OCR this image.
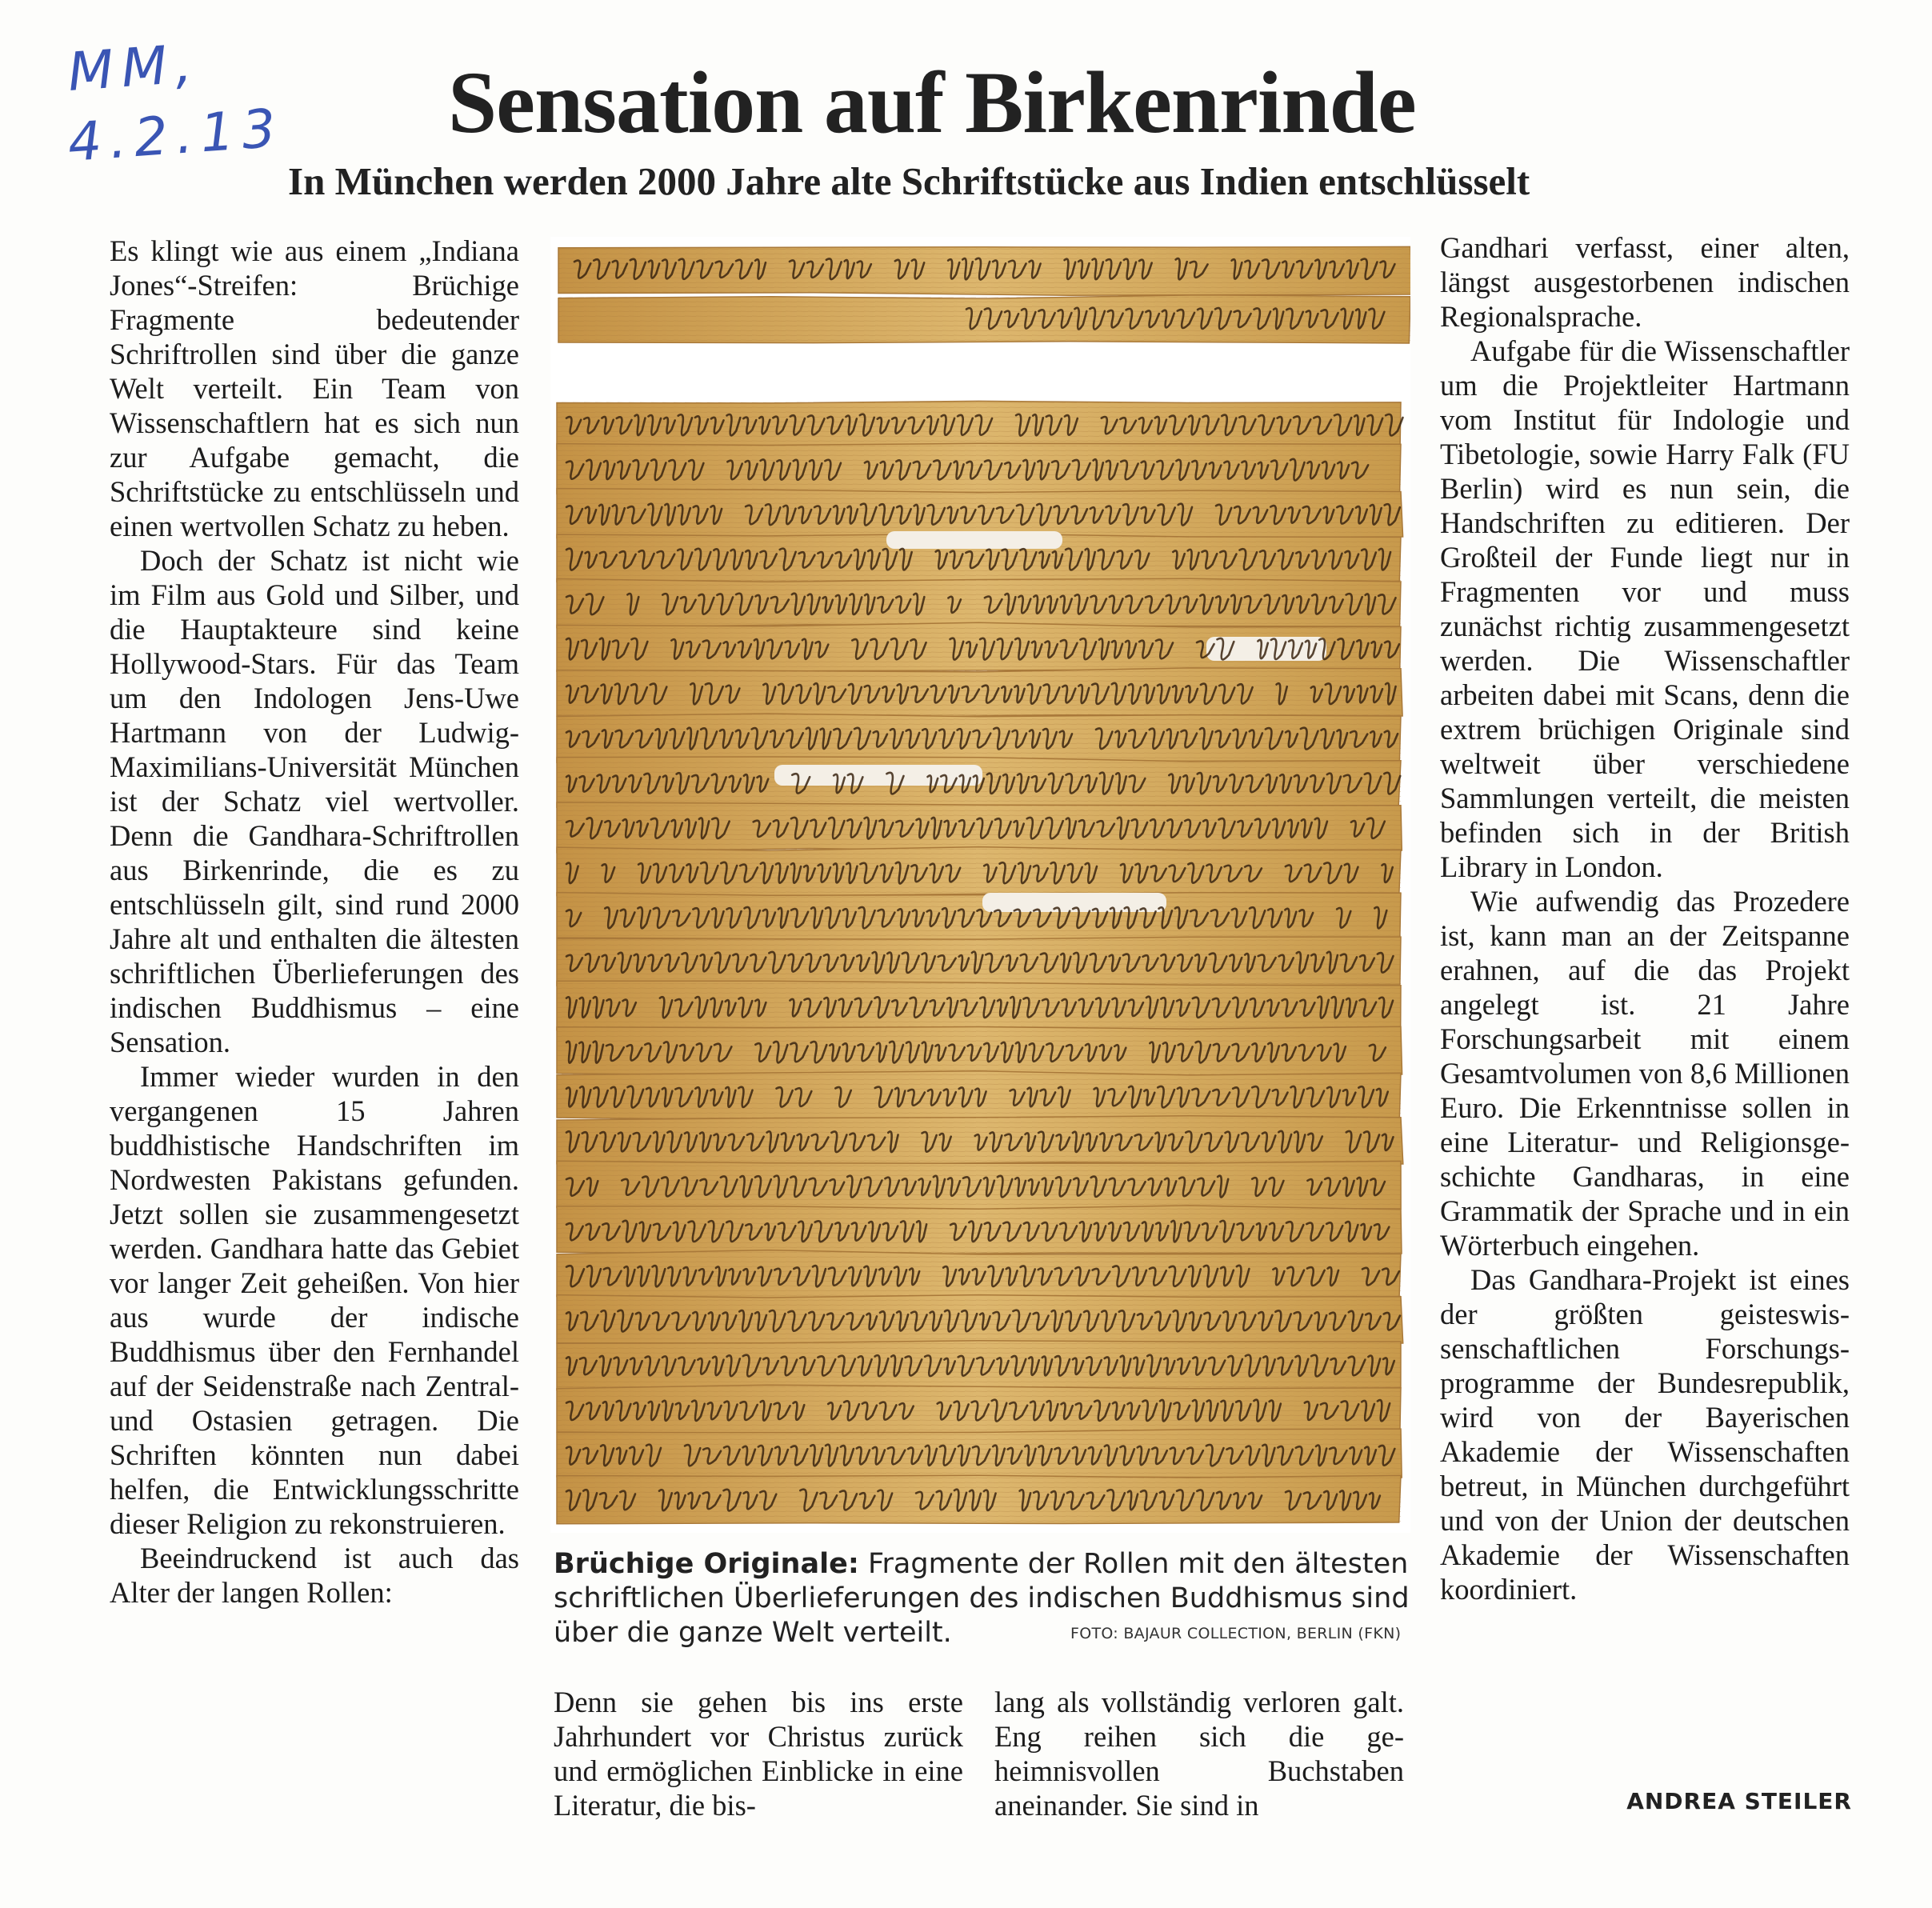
MM,
4.2.13 Sensation auf Birkenrinde
In München werden 2000 Jahre alte Schriftstücke aus Indien entschlüsselt

Es klingt wie aus einem „Indiana Jones“-Streifen: Brüchige Fragmente bedeutender Schriftrollen sind über die ganze Welt verteilt. Ein Team von Wissenschaftlern hat es sich nun zur Aufgabe gemacht, die Schriftstücke zu entschlüsseln und einen wertvollen Schatz zu heben.

Doch der Schatz ist nicht wie im Film aus Gold und Silber, und die Hauptakteure sind keine Hollywood-Stars. Für das Team um den Indologen Jens-Uwe Hartmann von der Ludwig-Maximilians-Universität München ist der Schatz viel wertvoller. Denn die Gandhara-Schriftrollen aus Birkenrinde, die es zu entschlüsseln gilt, sind rund 2000 Jahre alt und enthalten die ältesten schriftlichen Überlieferungen des indischen Buddhismus – eine Sensation.

Immer wieder wurden in den vergangenen 15 Jahren buddhistische Handschriften im Nordwesten Pakistans gefunden. Jetzt sollen sie zusammengesetzt werden. Gandhara hatte das Gebiet vor langer Zeit geheißen. Von hier aus wurde der indische Buddhismus über den Fernhandel auf der Seidenstraße nach Zentral- und Ostasien getragen. Die Schriften könnten nun dabei helfen, die Entwicklungsschritte dieser Religion zu rekonstruieren.

Beeindruckend ist auch das Alter der langen Rollen:

Brüchige Originale: Fragmente der Rollen mit den ältesten schriftlichen Überlieferungen des indischen Buddhismus sind über die ganze Welt verteilt.	FOTO: BAJAUR COLLECTION, BERLIN (FKN)

Denn sie gehen bis ins erste Jahrhundert vor Christus zurück und ermöglichen Einblicke in eine Literatur, die bis-

lang als vollständig verloren galt. Eng reihen sich die geheimnisvollen Buchstaben aneinander. Sie sind in

Gandhari verfasst, einer alten, längst ausgestorbenen indischen Regionalsprache.

Aufgabe für die Wissenschaftler um die Projektleiter Hartmann vom Institut für Indologie und Tibetologie, sowie Harry Falk (FU Berlin) wird es nun sein, die Handschriften zu editieren. Der Großteil der Funde liegt nur in Fragmenten vor und muss zunächst richtig zusammengesetzt werden. Die Wissenschaftler arbeiten dabei mit Scans, denn die extrem brüchigen Originale sind weltweit über verschiedene Sammlungen verteilt, die meisten befinden sich in der British Library in London.

Wie aufwendig das Prozedere ist, kann man an der Zeitspanne erahnen, auf die das Projekt angelegt ist. 21 Jahre Forschungsarbeit mit einem Gesamtvolumen von 8,6 Millionen Euro. Die Erkenntnisse sollen in eine Literatur- und Religionsgeschichte Gandharas, in eine Grammatik der Sprache und in ein Wörterbuch eingehen.

Das Gandhara-Projekt ist eines der größten geisteswissenschaftlichen Forschungsprogramme der Bundesrepublik, wird von der Bayerischen Akademie der Wissenschaften betreut, in München durchgeführt und von der Union der deutschen Akademie der Wissenschaften koordiniert.

ANDREA STEILER
